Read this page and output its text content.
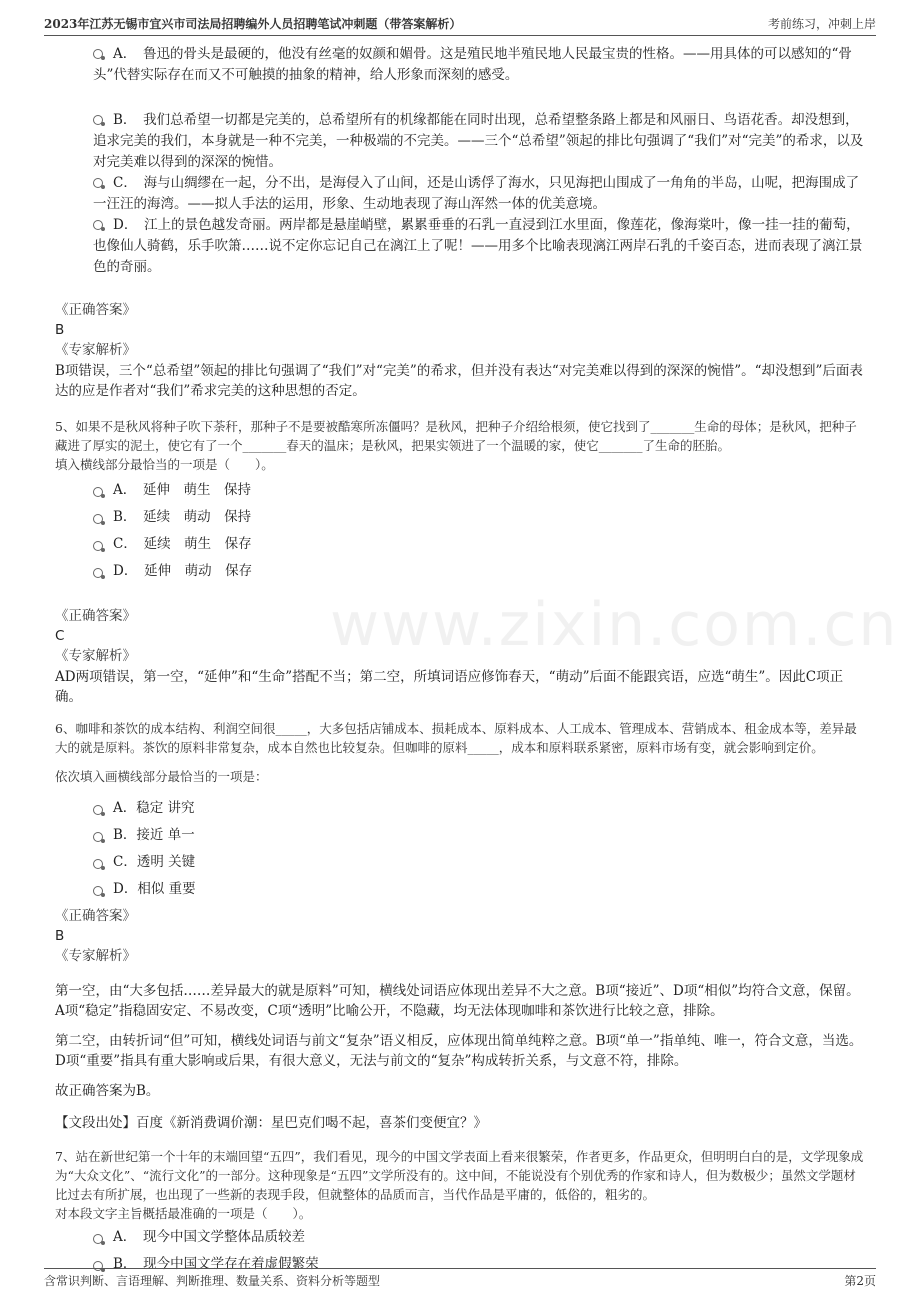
2023年江苏无锡市宜兴市司法局招聘编外人员招聘笔试冲刺题（带答案解析）	考前练习，冲刺上岸
www.zixin.com.cn
A．　鲁迅的骨头是最硬的，他没有丝毫的奴颜和媚骨。这是殖民地半殖民地人民最宝贵的性格。——用具体的可以感知的“骨头”代替实际存在而又不可触摸的抽象的精神，给人形象而深刻的感受。
B．　我们总希望一切都是完美的，总希望所有的机缘都能在同时出现，总希望整条路上都是和风丽日、鸟语花香。却没想到，追求完美的我们，本身就是一种不完美，一种极端的不完美。——三个“总希望”领起的排比句强调了“我们”对“完美”的希求，以及对完美难以得到的深深的惋惜。
C．　海与山绸缪在一起，分不出，是海侵入了山间，还是山诱俘了海水，只见海把山围成了一角角的半岛，山呢，把海围成了一汪汪的海湾。——拟人手法的运用，形象、生动地表现了海山浑然一体的优美意境。
D．　江上的景色越发奇丽。两岸都是悬崖峭壁，累累垂垂的石乳一直浸到江水里面，像莲花，像海棠叶，像一挂一挂的葡萄，也像仙人骑鹤，乐手吹箫……说不定你忘记自己在漓江上了呢！——用多个比喻表现漓江两岸石乳的千姿百态，进而表现了漓江景色的奇丽。
《正确答案》
B
《专家解析》
B项错误，三个“总希望”领起的排比句强调了“我们”对“完美”的希求，但并没有表达“对完美难以得到的深深的惋惜”。“却没想到”后面表达的应是作者对“我们”希求完美的这种思想的否定。
5、如果不是秋风将种子吹下荼秆，那种子不是要被酷寒所冻僵吗？是秋风，把种子介绍给根须，使它找到了_______生命的母体；是秋风，把种子藏进了厚实的泥土，使它有了一个_______春天的温床；是秋风，把果实领进了一个温暖的家，使它_______了生命的胚胎。
填入横线部分最恰当的一项是（　　）。
A．　延伸　萌生　保持
B．　延续　萌动　保持
C．　延续　萌生　保存
D．　延伸　萌动　保存
《正确答案》
C
《专家解析》
AD两项错误，第一空，“延伸”和“生命”搭配不当；第二空，所填词语应修饰春天，“萌动”后面不能跟宾语，应选“萌生”。因此C项正确。
6、咖啡和茶饮的成本结构、利润空间很_____，大多包括店铺成本、损耗成本、原料成本、人工成本、管理成本、营销成本、租金成本等，差异最大的就是原料。茶饮的原料非常复杂，成本自然也比较复杂。但咖啡的原料_____，成本和原料联系紧密，原料市场有变，就会影响到定价。
依次填入画横线部分最恰当的一项是：
A．稳定 讲究
B．接近 单一
C．透明 关键
D．相似 重要
《正确答案》
B
《专家解析》
第一空，由“大多包括……差异最大的就是原料”可知，横线处词语应体现出差异不大之意。B项“接近”、D项“相似”均符合文意，保留。A项“稳定”指稳固安定、不易改变，C项“透明”比喻公开，不隐藏，均无法体现咖啡和茶饮进行比较之意，排除。
第二空，由转折词“但”可知，横线处词语与前文“复杂”语义相反，应体现出简单纯粹之意。B项“单一”指单纯、唯一，符合文意，当选。D项“重要”指具有重大影响或后果，有很大意义，无法与前文的“复杂”构成转折关系，与文意不符，排除。
故正确答案为B。
【文段出处】百度《新消费调价潮：星巴克们喝不起，喜茶们变便宜？》
7、站在新世纪第一个十年的末端回望“五四”，我们看见，现今的中国文学表面上看来很繁荣，作者更多，作品更众，但明明白白的是，文学现象成为“大众文化”、“流行文化”的一部分。这种现象是“五四”文学所没有的。这中间，不能说没有个别优秀的作家和诗人，但为数极少；虽然文学题材比过去有所扩展，也出现了一些新的表现手段，但就整体的品质而言，当代作品是平庸的，低俗的，粗劣的。
对本段文字主旨概括最准确的一项是（　　）。
A．　现今中国文学整体品质较差
B．　现今中国文学存在着虚假繁荣
含常识判断、言语理解、判断推理、数量关系、资料分析等题型	第2页
